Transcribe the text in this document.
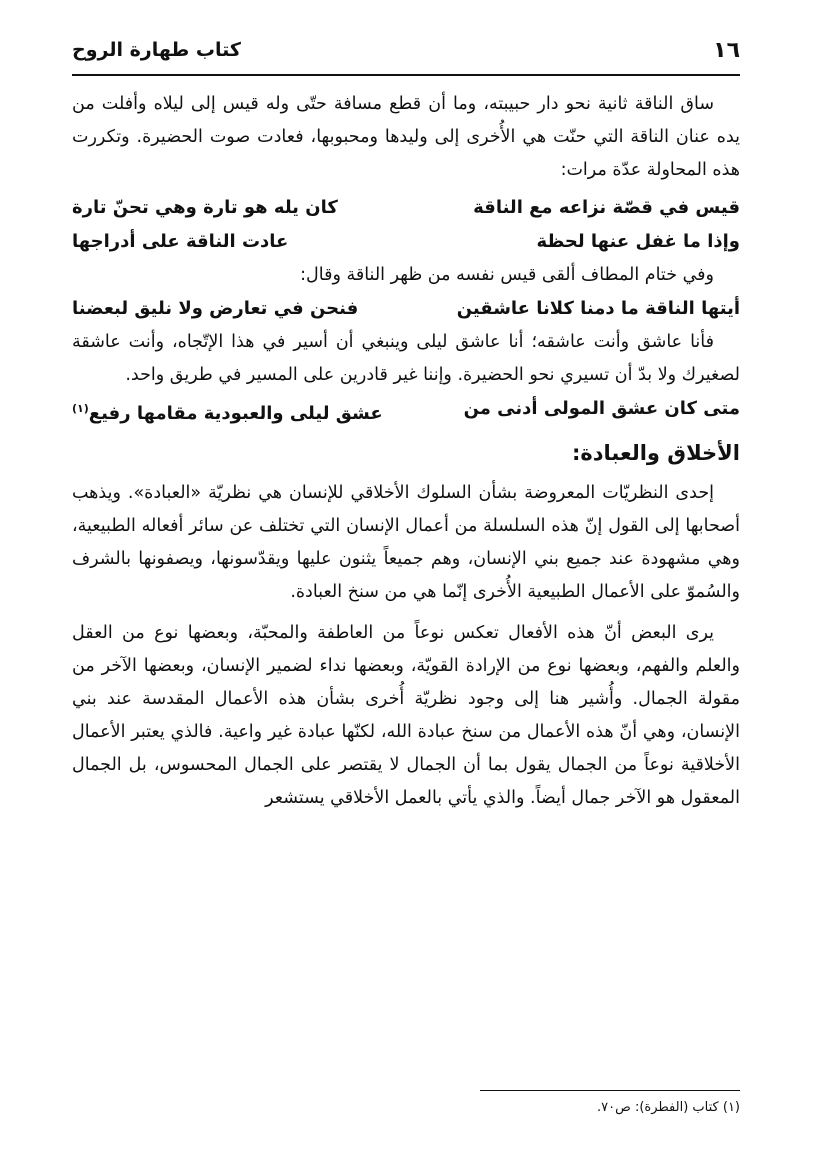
١٦
كتاب طهارة الروح

ساق الناقة ثانية نحو دار حبيبته، وما أن قطع مسافة حتّى وله قيس إلى ليلاه وأفلت من يده عنان الناقة التي حنّت هي الأُخرى إلى وليدها ومحبوبها، فعادت صوت الحضيرة. وتكررت هذه المحاولة عدّة مرات:

قيس في قصّة نزاعه مع الناقة
كان يله هو تارة وهي تحنّ تارة
وإذا ما غفل عنها لحظة
عادت الناقة على أدراجها

وفي ختام المطاف ألقى قيس نفسه من ظهر الناقة وقال:

أيتها الناقة ما دمنا كلانا عاشقين
فنحن في تعارض ولا نليق لبعضنا

فأنا عاشق وأنت عاشقه؛ أنا عاشق ليلى وينبغي أن أسير في هذا الإتّجاه، وأنت عاشقة لصغيرك ولا بدّ أن تسيري نحو الحضيرة. وإننا غير قادرين على المسير في طريق واحد.

متى كان عشق المولى أدنى من
عشق ليلى والعبودية مقامها رفيع$^{(١)}$
الأخلاق والعبادة:

إحدى النظريّات المعروضة بشأن السلوك الأخلاقي للإنسان هي نظريّة «العبادة». ويذهب أصحابها إلى القول إنّ هذه السلسلة من أعمال الإنسان التي تختلف عن سائر أفعاله الطبيعية، وهي مشهودة عند جميع بني الإنسان، وهم جميعاً يثنون عليها ويقدّسونها، ويصفونها بالشرف والسُموّ على الأعمال الطبيعية الأُخرى إنّما هي من سنخ العبادة.

يرى البعض أنّ هذه الأفعال تعكس نوعاً من العاطفة والمحبّة، وبعضها نوع من العقل والعلم والفهم، وبعضها نوع من الإرادة القويّة، وبعضها نداء لضمير الإنسان، وبعضها الآخر من مقولة الجمال. وأُشير هنا إلى وجود نظريّة أُخرى بشأن هذه الأعمال المقدسة عند بني الإنسان، وهي أنّ هذه الأعمال من سنخ عبادة الله، لكنّها عبادة غير واعية. فالذي يعتبر الأعمال الأخلاقية نوعاً من الجمال يقول بما أن الجمال لا يقتصر على الجمال المحسوس، بل الجمال المعقول هو الآخر جمال أيضاً. والذي يأتي بالعمل الأخلاقي يستشعر

(١) كتاب (الفطرة): ص٧٠.
